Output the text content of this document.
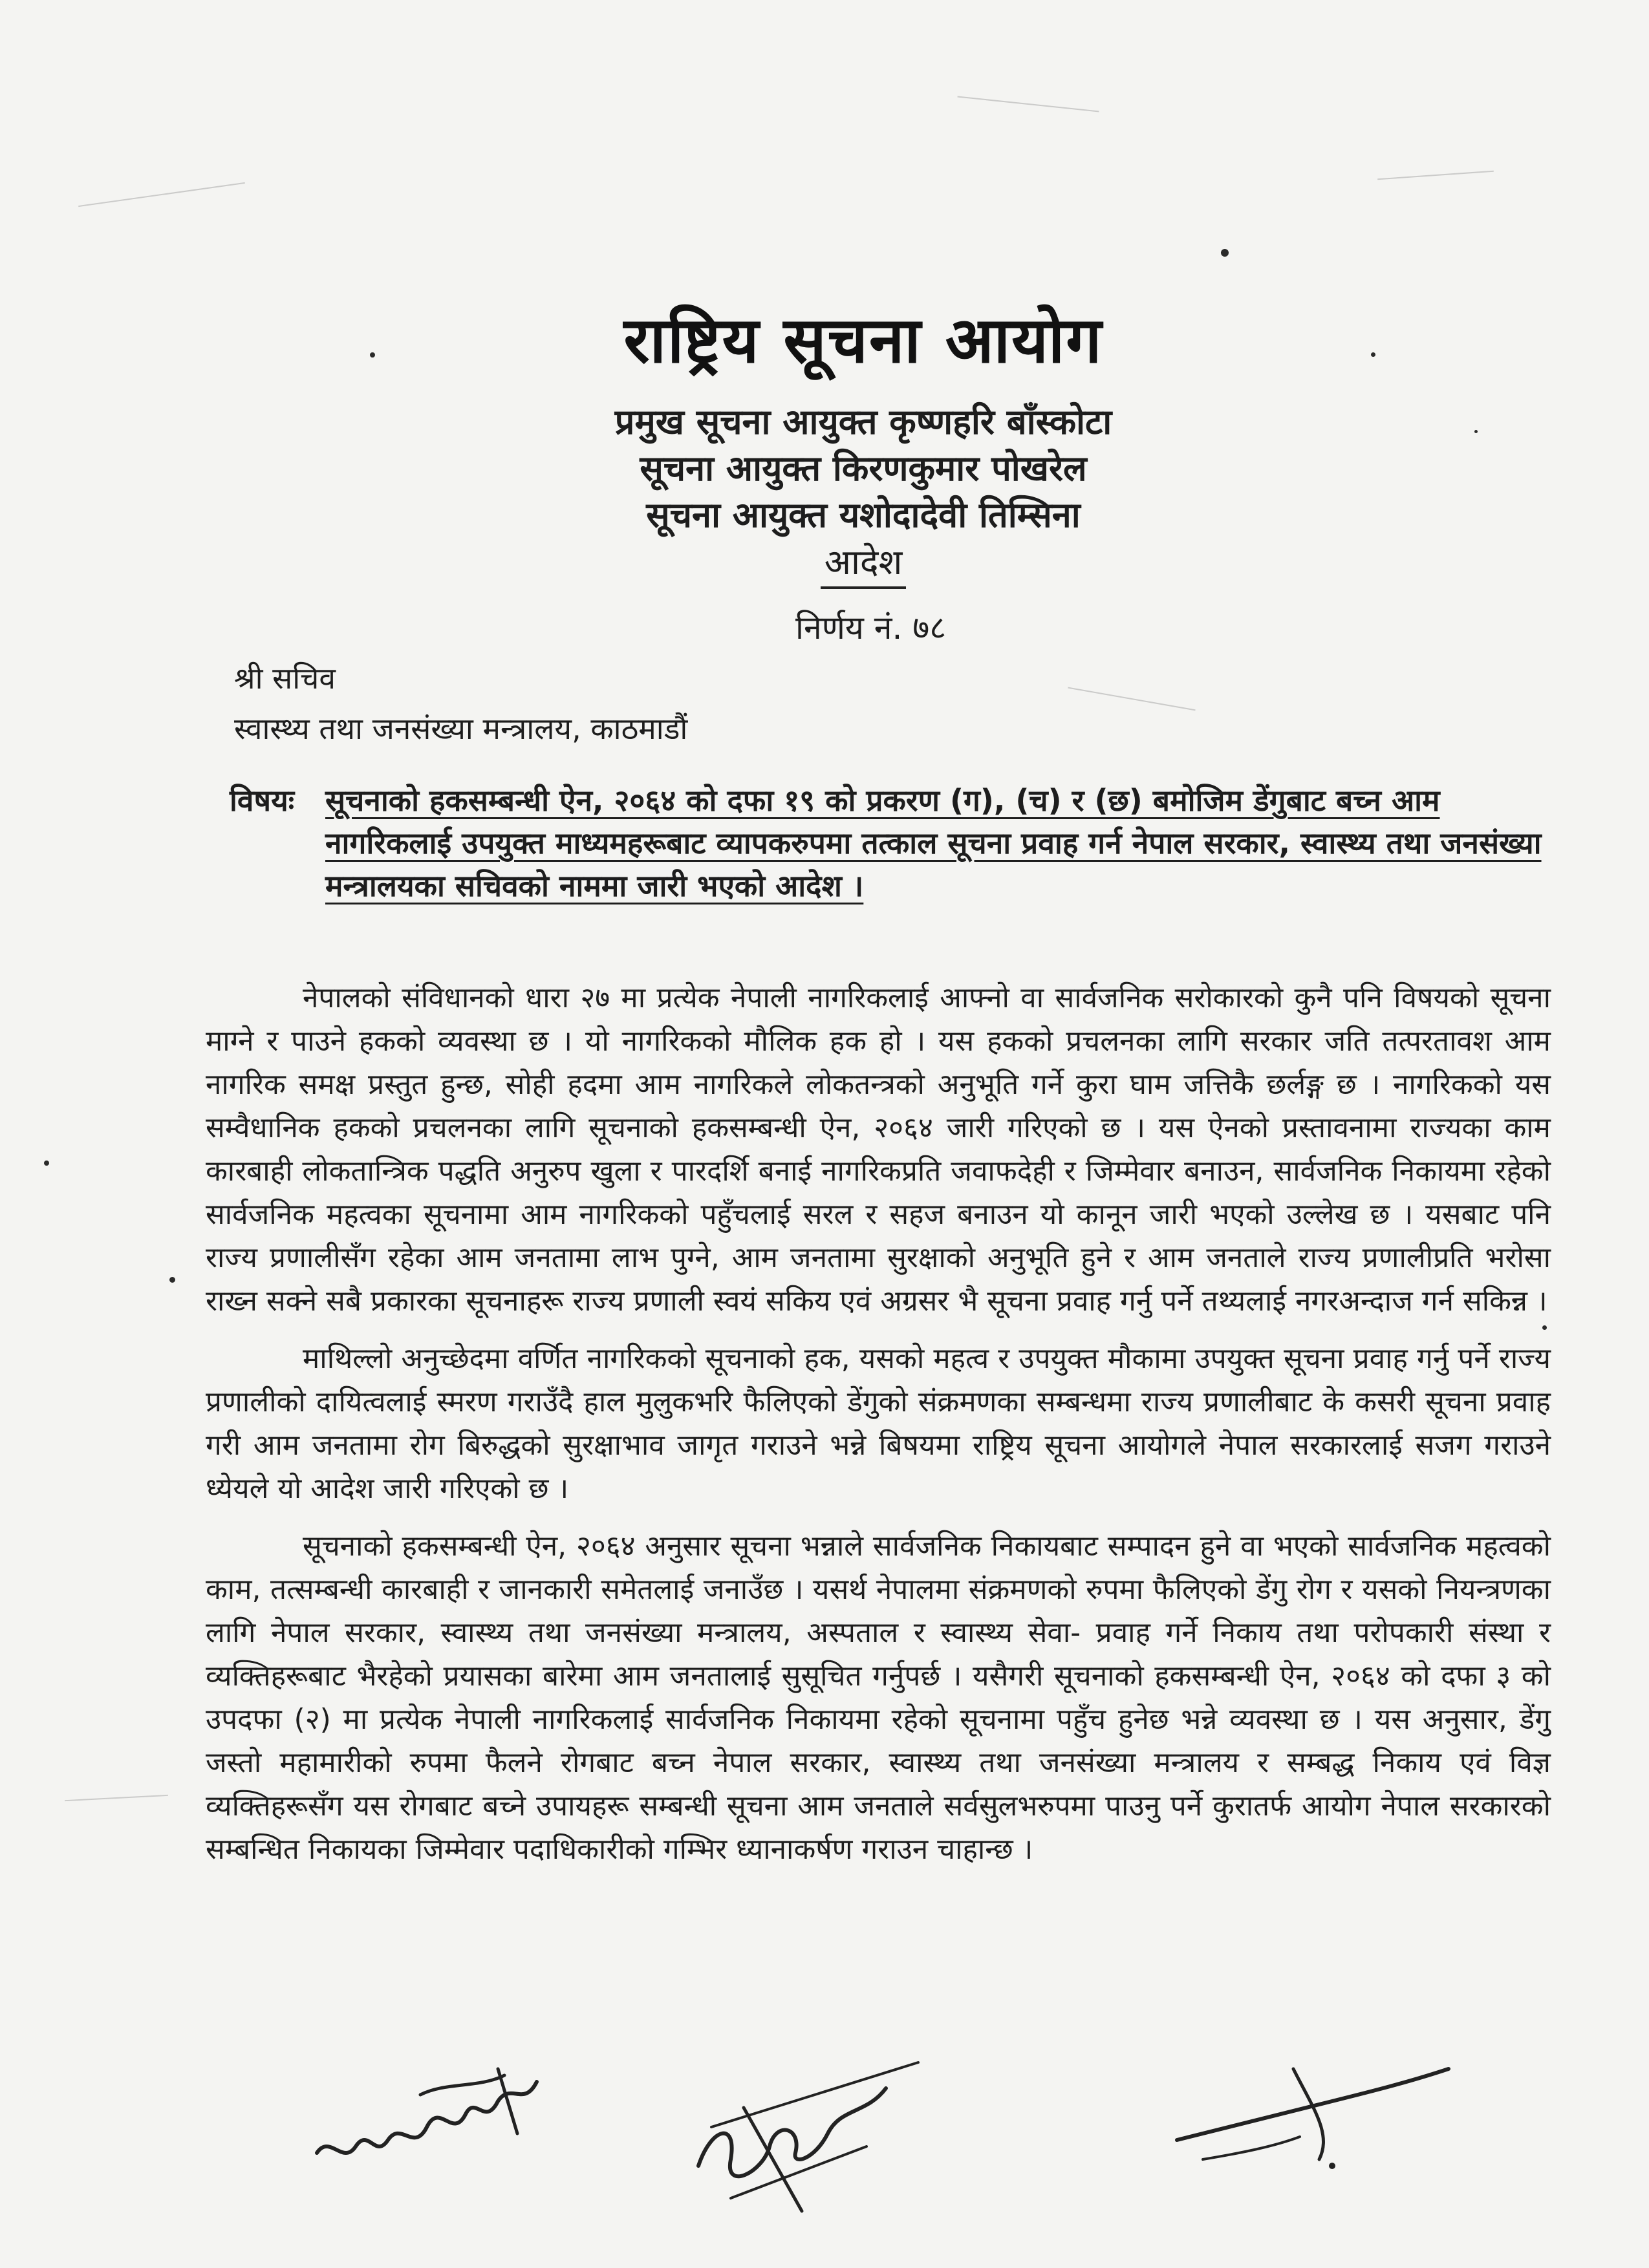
राष्ट्रिय सूचना आयोग
प्रमुख सूचना आयुक्त कृष्णहरि बाँस्कोटा
सूचना आयुक्त किरणकुमार पोखरेल
सूचना आयुक्त यशोदादेवी तिम्सिना
आदेश
निर्णय नं. ७८
श्री सचिव
स्वास्थ्य तथा जनसंख्या मन्त्रालय, काठमाडौं
विषयः सूचनाको हकसम्बन्धी ऐन, २०६४ को दफा १९ को प्रकरण (ग), (च) र (छ) बमोजिम डेंगुबाट बच्न आम नागरिकलाई उपयुक्त माध्यमहरूबाट व्यापकरुपमा तत्काल सूचना प्रवाह गर्न नेपाल सरकार, स्वास्थ्य तथा जनसंख्या मन्त्रालयका सचिवको नाममा जारी भएको आदेश ।

नेपालको संविधानको धारा २७ मा प्रत्येक नेपाली नागरिकलाई आफ्नो वा सार्वजनिक सरोकारको कुनै पनि विषयको सूचना माग्ने र पाउने हकको व्यवस्था छ । यो नागरिकको मौलिक हक हो । यस हकको प्रचलनका लागि सरकार जति तत्परतावश आम नागरिक समक्ष प्रस्तुत हुन्छ, सोही हदमा आम नागरिकले लोकतन्त्रको अनुभूति गर्ने कुरा घाम जत्तिकै छर्लङ्ग छ । नागरिकको यस सम्वैधानिक हकको प्रचलनका लागि सूचनाको हकसम्बन्धी ऐन, २०६४ जारी गरिएको छ । यस ऐनको प्रस्तावनामा राज्यका काम कारबाही लोकतान्त्रिक पद्धति अनुरुप खुला र पारदर्शि बनाई नागरिकप्रति जवाफदेही र जिम्मेवार बनाउन, सार्वजनिक निकायमा रहेको सार्वजनिक महत्वका सूचनामा आम नागरिकको पहुँचलाई सरल र सहज बनाउन यो कानून जारी भएको उल्लेख छ । यसबाट पनि राज्य प्रणालीसँग रहेका आम जनतामा लाभ पुग्ने, आम जनतामा सुरक्षाको अनुभूति हुने र आम जनताले राज्य प्रणालीप्रति भरोसा राख्न सक्ने सबै प्रकारका सूचनाहरू राज्य प्रणाली स्वयं सकिय एवं अग्रसर भै सूचना प्रवाह गर्नु पर्ने तथ्यलाई नगरअन्दाज गर्न सकिन्न ।

माथिल्लो अनुच्छेदमा वर्णित नागरिकको सूचनाको हक, यसको महत्व र उपयुक्त मौकामा उपयुक्त सूचना प्रवाह गर्नु पर्ने राज्य प्रणालीको दायित्वलाई स्मरण गराउँदै हाल मुलुकभरि फैलिएको डेंगुको संक्रमणका सम्बन्धमा राज्य प्रणालीबाट के कसरी सूचना प्रवाह गरी आम जनतामा रोग बिरुद्धको सुरक्षाभाव जागृत गराउने भन्ने बिषयमा राष्ट्रिय सूचना आयोगले नेपाल सरकारलाई सजग गराउने ध्येयले यो आदेश जारी गरिएको छ ।

सूचनाको हकसम्बन्धी ऐन, २०६४ अनुसार सूचना भन्नाले सार्वजनिक निकायबाट सम्पादन हुने वा भएको सार्वजनिक महत्वको काम, तत्सम्बन्धी कारबाही र जानकारी समेतलाई जनाउँछ । यसर्थ नेपालमा संक्रमणको रुपमा फैलिएको डेंगु रोग र यसको नियन्त्रणका लागि नेपाल सरकार, स्वास्थ्य तथा जनसंख्या मन्त्रालय, अस्पताल र स्वास्थ्य सेवा- प्रवाह गर्ने निकाय तथा परोपकारी संस्था र व्यक्तिहरूबाट भैरहेको प्रयासका बारेमा आम जनतालाई सुसूचित गर्नुपर्छ । यसैगरी सूचनाको हकसम्बन्धी ऐन, २०६४ को दफा ३ को उपदफा (२) मा प्रत्येक नेपाली नागरिकलाई सार्वजनिक निकायमा रहेको सूचनामा पहुँच हुनेछ भन्ने व्यवस्था छ । यस अनुसार, डेंगु जस्तो महामारीको रुपमा फैलने रोगबाट बच्न नेपाल सरकार, स्वास्थ्य तथा जनसंख्या मन्त्रालय र सम्बद्ध निकाय एवं विज्ञ व्यक्तिहरूसँग यस रोगबाट बच्ने उपायहरू सम्बन्धी सूचना आम जनताले सर्वसुलभरुपमा पाउनु पर्ने कुरातर्फ आयोग नेपाल सरकारको सम्बन्धित निकायका जिम्मेवार पदाधिकारीको गम्भिर ध्यानाकर्षण गराउन चाहान्छ ।
